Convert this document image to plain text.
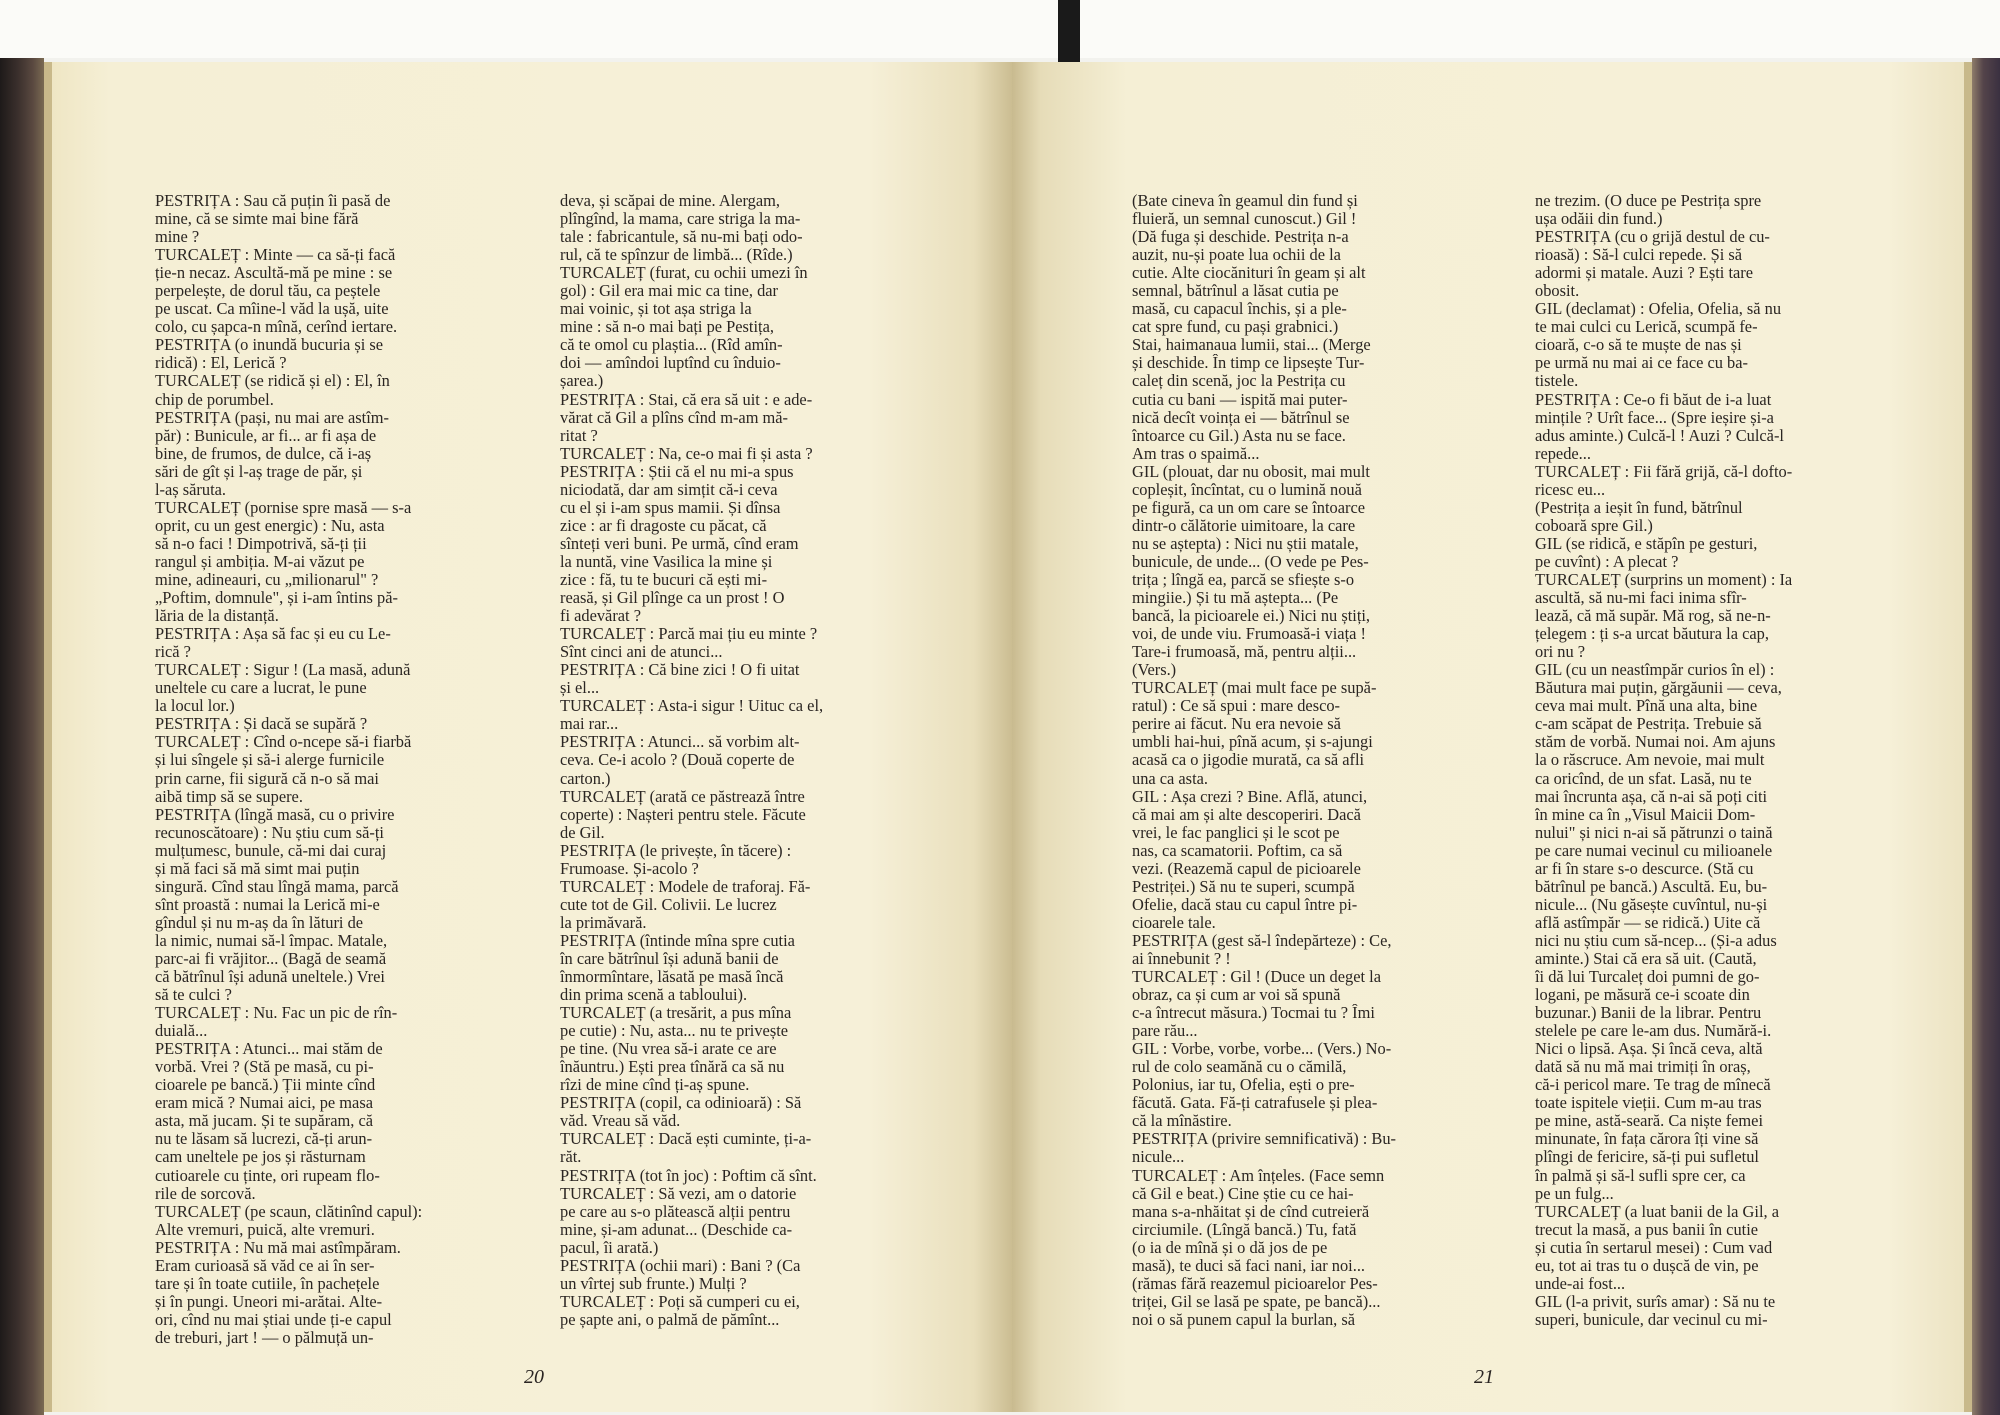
PESTRIȚA : Sau că puțin îi pasă de
mine, că se simte mai bine fără
mine ?
TURCALEȚ : Minte — ca să-ți facă
ție-n necaz. Ascultă-mă pe mine : se
perpelește, de dorul tău, ca peștele
pe uscat. Ca mîine-l văd la ușă, uite
colo, cu șapca-n mînă, cerînd iertare.
PESTRIȚA (o inundă bucuria și se
ridică) : El, Lerică ?
TURCALEȚ (se ridică și el) : El, în
chip de porumbel.
PESTRIȚA (pași, nu mai are astîm-
păr) : Bunicule, ar fi... ar fi așa de
bine, de frumos, de dulce, că i-aș
sări de gît și l-aș trage de păr, și
l-aș săruta.
TURCALEȚ (pornise spre masă — s-a
oprit, cu un gest energic) : Nu, asta
să n-o faci ! Dimpotrivă, să-ți ții
rangul și ambiția. M-ai văzut pe
mine, adineauri, cu „milionarul" ?
„Poftim, domnule", și i-am întins pă-
lăria de la distanță.
PESTRIȚA : Așa să fac și eu cu Le-
rică ?
TURCALEȚ : Sigur ! (La masă, adună
uneltele cu care a lucrat, le pune
la locul lor.)
PESTRIȚA : Și dacă se supără ?
TURCALEȚ : Cînd o-ncepe să-i fiarbă
și lui sîngele și să-i alerge furnicile
prin carne, fii sigură că n-o să mai
aibă timp să se supere.
PESTRIȚA (lîngă masă, cu o privire
recunoscătoare) : Nu știu cum să-ți
mulțumesc, bunule, că-mi dai curaj
și mă faci să mă simt mai puțin
singură. Cînd stau lîngă mama, parcă
sînt proastă : numai la Lerică mi-e
gîndul și nu m-aș da în lături de
la nimic, numai să-l împac. Matale,
parc-ai fi vrăjitor... (Bagă de seamă
că bătrînul își adună uneltele.) Vrei
să te culci ?
TURCALEȚ : Nu. Fac un pic de rîn-
duială...
PESTRIȚA : Atunci... mai stăm de
vorbă. Vrei ? (Stă pe masă, cu pi-
cioarele pe bancă.) Ții minte cînd
eram mică ? Numai aici, pe masa
asta, mă jucam. Și te supăram, că
nu te lăsam să lucrezi, că-ți arun-
cam uneltele pe jos și răsturnam
cutioarele cu ținte, ori rupeam flo-
rile de sorcovă.
TURCALEȚ (pe scaun, clătinînd capul):
Alte vremuri, puică, alte vremuri.
PESTRIȚA : Nu mă mai astîmpăram.
Eram curioasă să văd ce ai în ser-
tare și în toate cutiile, în pachețele
și în pungi. Uneori mi-arătai. Alte-
ori, cînd nu mai știai unde ți-e capul
de treburi, jart ! — o pălmuță un-
deva, și scăpai de mine. Alergam,
plîngînd, la mama, care striga la ma-
tale : fabricantule, să nu-mi bați odo-
rul, că te spînzur de limbă... (Rîde.)
TURCALEȚ (furat, cu ochii umezi în
gol) : Gil era mai mic ca tine, dar
mai voinic, și tot așa striga la
mine : să n-o mai bați pe Pestița,
că te omol cu plaștia... (Rîd amîn-
doi — amîndoi luptînd cu înduio-
șarea.)
PESTRIȚA : Stai, că era să uit : e ade-
vărat că Gil a plîns cînd m-am mă-
ritat ?
TURCALEȚ : Na, ce-o mai fi și asta ?
PESTRIȚA : Știi că el nu mi-a spus
niciodată, dar am simțit că-i ceva
cu el și i-am spus mamii. Și dînsa
zice : ar fi dragoste cu păcat, că
sînteți veri buni. Pe urmă, cînd eram
la nuntă, vine Vasilica la mine și
zice : fă, tu te bucuri că ești mi-
reasă, și Gil plînge ca un prost ! O
fi adevărat ?
TURCALEȚ : Parcă mai țiu eu minte ?
Sînt cinci ani de atunci...
PESTRIȚA : Că bine zici ! O fi uitat
și el...
TURCALEȚ : Asta-i sigur ! Uituc ca el,
mai rar...
PESTRIȚA : Atunci... să vorbim alt-
ceva. Ce-i acolo ? (Două coperte de
carton.)
TURCALEȚ (arată ce păstrează între
coperte) : Nașteri pentru stele. Făcute
de Gil.
PESTRIȚA (le privește, în tăcere) :
Frumoase. Și-acolo ?
TURCALEȚ : Modele de traforaj. Fă-
cute tot de Gil. Colivii. Le lucrez
la primăvară.
PESTRIȚA (întinde mîna spre cutia
în care bătrînul își adună banii de
înmormîntare, lăsată pe masă încă
din prima scenă a tabloului).
TURCALEȚ (a tresărit, a pus mîna
pe cutie) : Nu, asta... nu te privește
pe tine. (Nu vrea să-i arate ce are
înăuntru.) Ești prea tînără ca să nu
rîzi de mine cînd ți-aș spune.
PESTRIȚA (copil, ca odinioară) : Să
văd. Vreau să văd.
TURCALEȚ : Dacă ești cuminte, ți-a-
răt.
PESTRIȚA (tot în joc) : Poftim că sînt.
TURCALEȚ : Să vezi, am o datorie
pe care au s-o plătească alții pentru
mine, și-am adunat... (Deschide ca-
pacul, îi arată.)
PESTRIȚA (ochii mari) : Bani ? (Ca
un vîrtej sub frunte.) Mulți ?
TURCALEȚ : Poți să cumperi cu ei,
pe șapte ani, o palmă de pămînt...
20
(Bate cineva în geamul din fund și
fluieră, un semnal cunoscut.) Gil !
(Dă fuga și deschide. Pestrița n-a
auzit, nu-și poate lua ochii de la
cutie. Alte ciocănituri în geam și alt
semnal, bătrînul a lăsat cutia pe
masă, cu capacul închis, și a ple-
cat spre fund, cu pași grabnici.)
Stai, haimanaua lumii, stai... (Merge
și deschide. În timp ce lipsește Tur-
caleț din scenă, joc la Pestrița cu
cutia cu bani — ispită mai puter-
nică decît voința ei — bătrînul se
întoarce cu Gil.) Asta nu se face.
Am tras o spaimă...
GIL (plouat, dar nu obosit, mai mult
copleșit, încîntat, cu o lumină nouă
pe figură, ca un om care se întoarce
dintr-o călătorie uimitoare, la care
nu se aștepta) : Nici nu știi matale,
bunicule, de unde... (O vede pe Pes-
trița ; lîngă ea, parcă se sfiește s-o
mingiie.) Și tu mă aștepta... (Pe
bancă, la picioarele ei.) Nici nu știți,
voi, de unde viu. Frumoasă-i viața !
Tare-i frumoasă, mă, pentru alții...
(Vers.)
TURCALEȚ (mai mult face pe supă-
ratul) : Ce să spui : mare desco-
perire ai făcut. Nu era nevoie să
umbli hai-hui, pînă acum, și s-ajungi
acasă ca o jigodie murată, ca să afli
una ca asta.
GIL : Așa crezi ? Bine. Află, atunci,
că mai am și alte descoperiri. Dacă
vrei, le fac panglici și le scot pe
nas, ca scamatorii. Poftim, ca să
vezi. (Reazemă capul de picioarele
Pestriței.) Să nu te superi, scumpă
Ofelie, dacă stau cu capul între pi-
cioarele tale.
PESTRIȚA (gest să-l îndepărteze) : Ce,
ai înnebunit ? !
TURCALEȚ : Gil ! (Duce un deget la
obraz, ca și cum ar voi să spună
c-a întrecut măsura.) Tocmai tu ? Îmi
pare rău...
GIL : Vorbe, vorbe, vorbe... (Vers.) No-
rul de colo seamănă cu o cămilă,
Polonius, iar tu, Ofelia, ești o pre-
făcută. Gata. Fă-ți catrafusele și plea-
că la mînăstire.
PESTRIȚA (privire semnificativă) : Bu-
nicule...
TURCALEȚ : Am înțeles. (Face semn
că Gil e beat.) Cine știe cu ce hai-
mana s-a-nhăitat și de cînd cutreieră
circiumile. (Lîngă bancă.) Tu, fată
(o ia de mînă și o dă jos de pe
masă), te duci să faci nani, iar noi...
(rămas fără reazemul picioarelor Pes-
triței, Gil se lasă pe spate, pe bancă)...
noi o să punem capul la burlan, să
ne trezim. (O duce pe Pestrița spre
ușa odăii din fund.)
PESTRIȚA (cu o grijă destul de cu-
rioasă) : Să-l culci repede. Și să
adormi și matale. Auzi ? Ești tare
obosit.
GIL (declamat) : Ofelia, Ofelia, să nu
te mai culci cu Lerică, scumpă fe-
cioară, c-o să te muște de nas și
pe urmă nu mai ai ce face cu ba-
tistele.
PESTRIȚA : Ce-o fi băut de i-a luat
mințile ? Urît face... (Spre ieșire și-a
adus aminte.) Culcă-l ! Auzi ? Culcă-l
repede...
TURCALEȚ : Fii fără grijă, că-l dofto-
ricesc eu...
(Pestrița a ieșit în fund, bătrînul
coboară spre Gil.)
GIL (se ridică, e stăpîn pe gesturi,
pe cuvînt) : A plecat ?
TURCALEȚ (surprins un moment) : Ia
ascultă, să nu-mi faci inima sfîr-
lează, că mă supăr. Mă rog, să ne-n-
țelegem : ți s-a urcat băutura la cap,
ori nu ?
GIL (cu un neastîmpăr curios în el) :
Băutura mai puțin, gărgăunii — ceva,
ceva mai mult. Pînă una alta, bine
c-am scăpat de Pestrița. Trebuie să
stăm de vorbă. Numai noi. Am ajuns
la o răscruce. Am nevoie, mai mult
ca oricînd, de un sfat. Lasă, nu te
mai încrunta așa, că n-ai să poți citi
în mine ca în „Visul Maicii Dom-
nului" și nici n-ai să pătrunzi o taină
pe care numai vecinul cu milioanele
ar fi în stare s-o descurce. (Stă cu
bătrînul pe bancă.) Ascultă. Eu, bu-
nicule... (Nu găsește cuvîntul, nu-și
află astîmpăr — se ridică.) Uite că
nici nu știu cum să-ncep... (Și-a adus
aminte.) Stai că era să uit. (Caută,
îi dă lui Turcaleț doi pumni de go-
logani, pe măsură ce-i scoate din
buzunar.) Banii de la librar. Pentru
stelele pe care le-am dus. Numără-i.
Nici o lipsă. Așa. Și încă ceva, altă
dată să nu mă mai trimiți în oraș,
că-i pericol mare. Te trag de mînecă
toate ispitele vieții. Cum m-au tras
pe mine, astă-seară. Ca niște femei
minunate, în fața cărora îți vine să
plîngi de fericire, să-ți pui sufletul
în palmă și să-l sufli spre cer, ca
pe un fulg...
TURCALEȚ (a luat banii de la Gil, a
trecut la masă, a pus banii în cutie
și cutia în sertarul mesei) : Cum vad
eu, tot ai tras tu o dușcă de vin, pe
unde-ai fost...
GIL (l-a privit, surîs amar) : Să nu te
superi, bunicule, dar vecinul cu mi-
21
